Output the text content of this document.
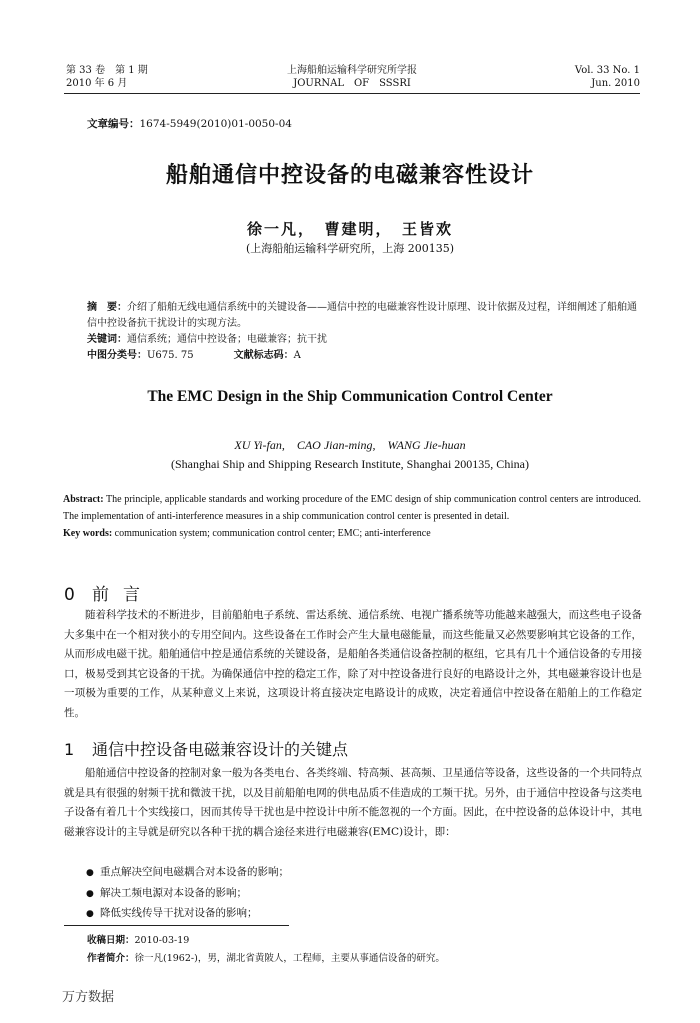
第 33 卷　第 1 期
2010 年 6 月
上海船舶运输科学研究所学报
JOURNAL　OF　SSSRI
Vol. 33 No. 1
Jun. 2010
文章编号：1674-5949(2010)01-0050-04
船舶通信中控设备的电磁兼容性设计
徐一凡，　曹建明，　王皆欢
(上海船舶运输科学研究所，上海 200135)

摘　要：介绍了船舶无线电通信系统中的关键设备——通信中控的电磁兼容性设计原理、设计依据及过程，详细阐述了船舶通信中控设备抗干扰设计的实现方法。

关键词：通信系统；通信中控设备；电磁兼容；抗干扰

中图分类号：U675. 75	文献标志码：A

The EMC Design in the Ship Communication Control Center
XU Yi-fan,　CAO Jian-ming,　WANG Jie-huan
(Shanghai Ship and Shipping Research Institute, Shanghai 200135, China)

Abstract: The principle, applicable standards and working procedure of the EMC design of ship communication control centers are introduced. The implementation of anti-interference measures in a ship communication control center is presented in detail.

Key words: communication system; communication control center; EMC; anti-interference

0 前言

随着科学技术的不断进步，目前船舶电子系统、雷达系统、通信系统、电视广播系统等功能越来越强大，而这些电子设备大多集中在一个相对狭小的专用空间内。这些设备在工作时会产生大量电磁能量，而这些能量又必然要影响其它设备的工作，从而形成电磁干扰。船舶通信中控是通信系统的关键设备，是船舶各类通信设备控制的枢纽，它具有几十个通信设备的专用接口，极易受到其它设备的干扰。为确保通信中控的稳定工作，除了对中控设备进行良好的电路设计之外，其电磁兼容设计也是一项极为重要的工作，从某种意义上来说，这项设计将直接决定电路设计的成败，决定着通信中控设备在船舶上的工作稳定性。

1 通信中控设备电磁兼容设计的关键点

船舶通信中控设备的控制对象一般为各类电台、各类终端、特高频、甚高频、卫星通信等设备，这些设备的一个共同特点就是具有很强的射频干扰和微波干扰，以及目前船舶电网的供电品质不佳造成的工频干扰。另外，由于通信中控设备与这类电子设备有着几十个实线接口，因而其传导干扰也是中控设计中所不能忽视的一个方面。因此，在中控设备的总体设计中，其电磁兼容设计的主导就是研究以各种干扰的耦合途径来进行电磁兼容(EMC)设计，即：

● 重点解决空间电磁耦合对本设备的影响；
● 解决工频电源对本设备的影响；
● 降低实线传导干扰对设备的影响；

收稿日期：2010-03-19

作者简介：徐一凡(1962-)，男，湖北省黄陂人，工程师，主要从事通信设备的研究。

万方数据
